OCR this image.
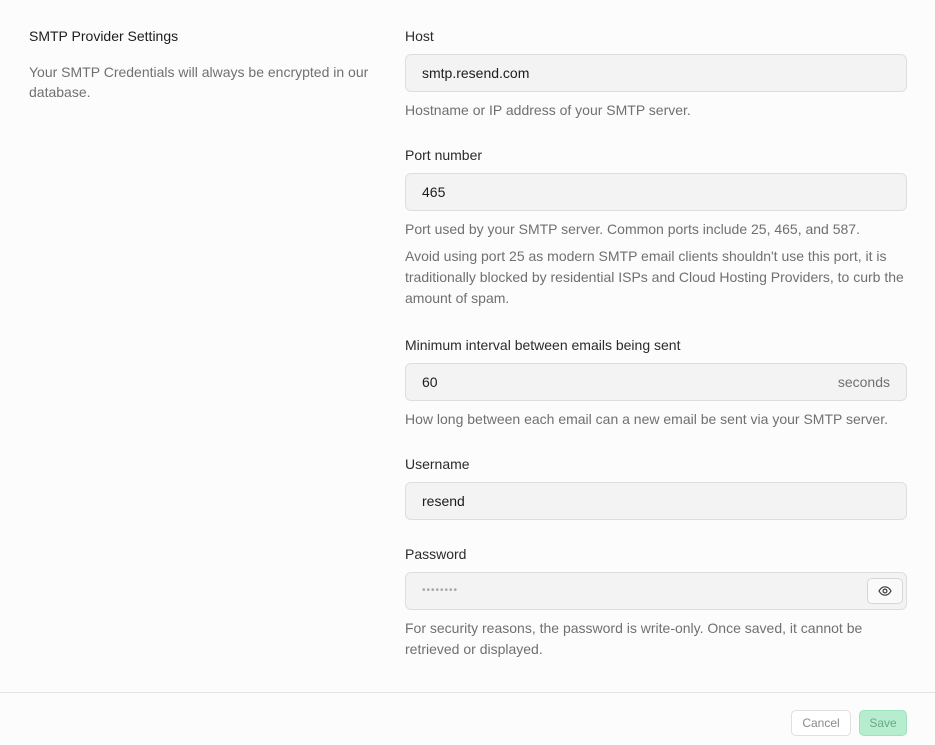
SMTP Provider Settings
Your SMTP Credentials will always be encrypted in our database.
Host
smtp.resend.com
Hostname or IP address of your SMTP server.
Port number
465
Port used by your SMTP server. Common ports include 25, 465, and 587.
Avoid using port 25 as modern SMTP email clients shouldn't use this port, it is traditionally blocked by residential ISPs and Cloud Hosting Providers, to curb the amount of spam.
Minimum interval between emails being sent
60
seconds
How long between each email can a new email be sent via your SMTP server.
Username
resend
Password
••••••••
For security reasons, the password is write-only. Once saved, it cannot be retrieved or displayed.
Cancel	Save
